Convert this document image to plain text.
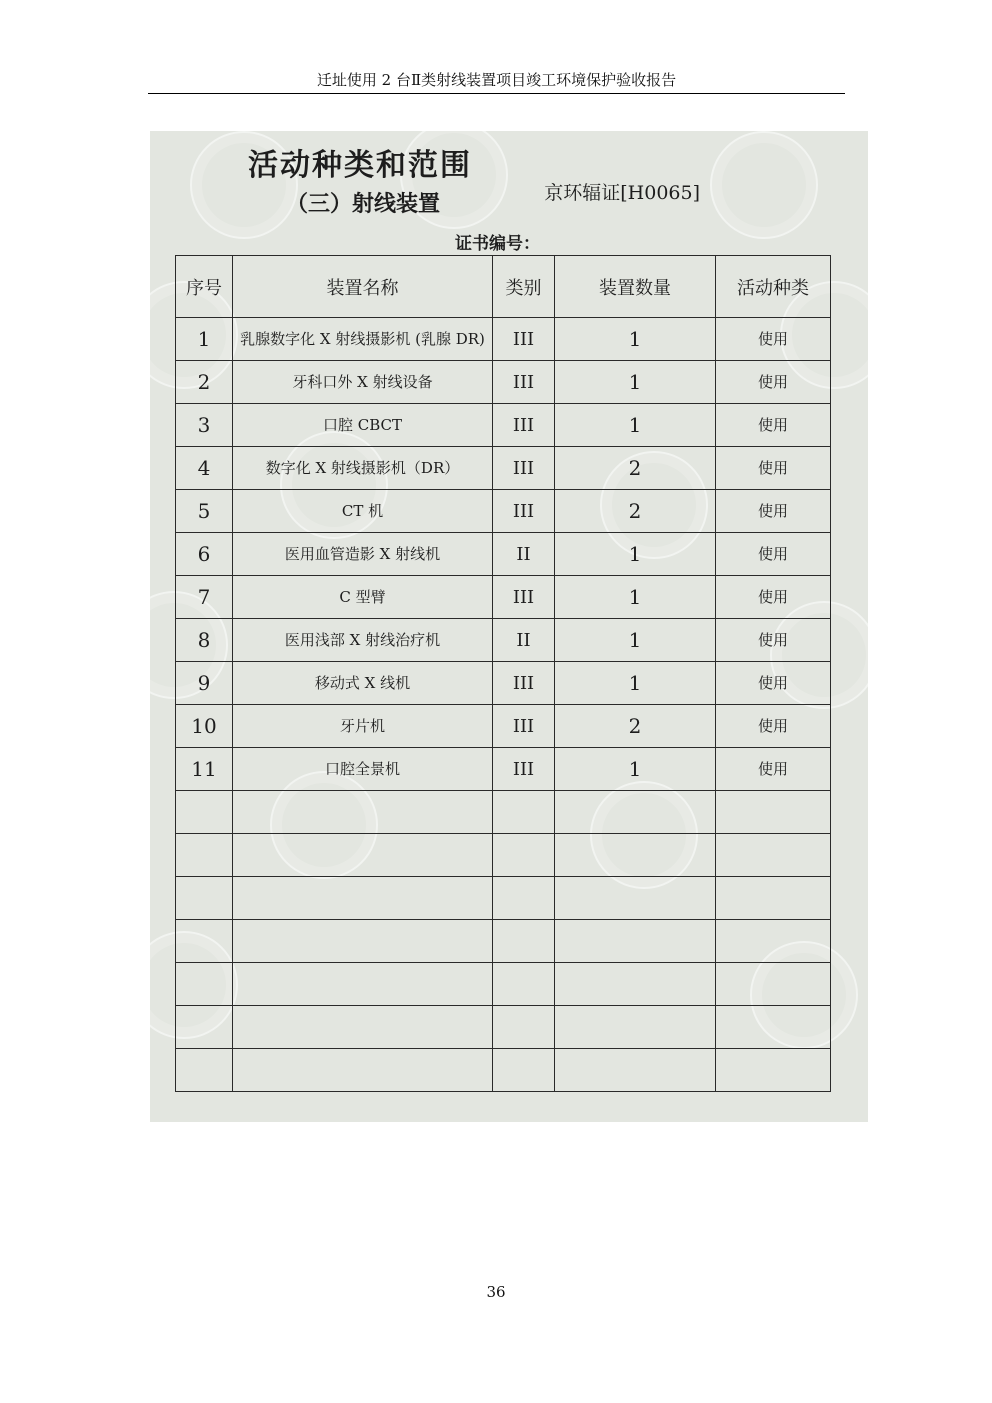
迁址使用 2 台Ⅱ类射线装置项目竣工环境保护验收报告
序号	装置名称	类别	装置数量	活动种类
1	乳腺数字化 X 射线摄影机 (乳腺 DR)	III	1	使用
2	牙科口外 X 射线设备	III	1	使用
3	口腔 CBCT	III	1	使用
4	数字化 X 射线摄影机（DR）	III	2	使用
5	CT 机	III	2	使用
6	医用血管造影 X 射线机	II	1	使用
7	C 型臂	III	1	使用
8	医用浅部 X 射线治疗机	II	1	使用
9	移动式 X 线机	III	1	使用
10	牙片机	III	2	使用
11	口腔全景机	III	1	使用

活动种类和范围
（三）射线装置	京环辐证[H0065]
证书编号：
36
